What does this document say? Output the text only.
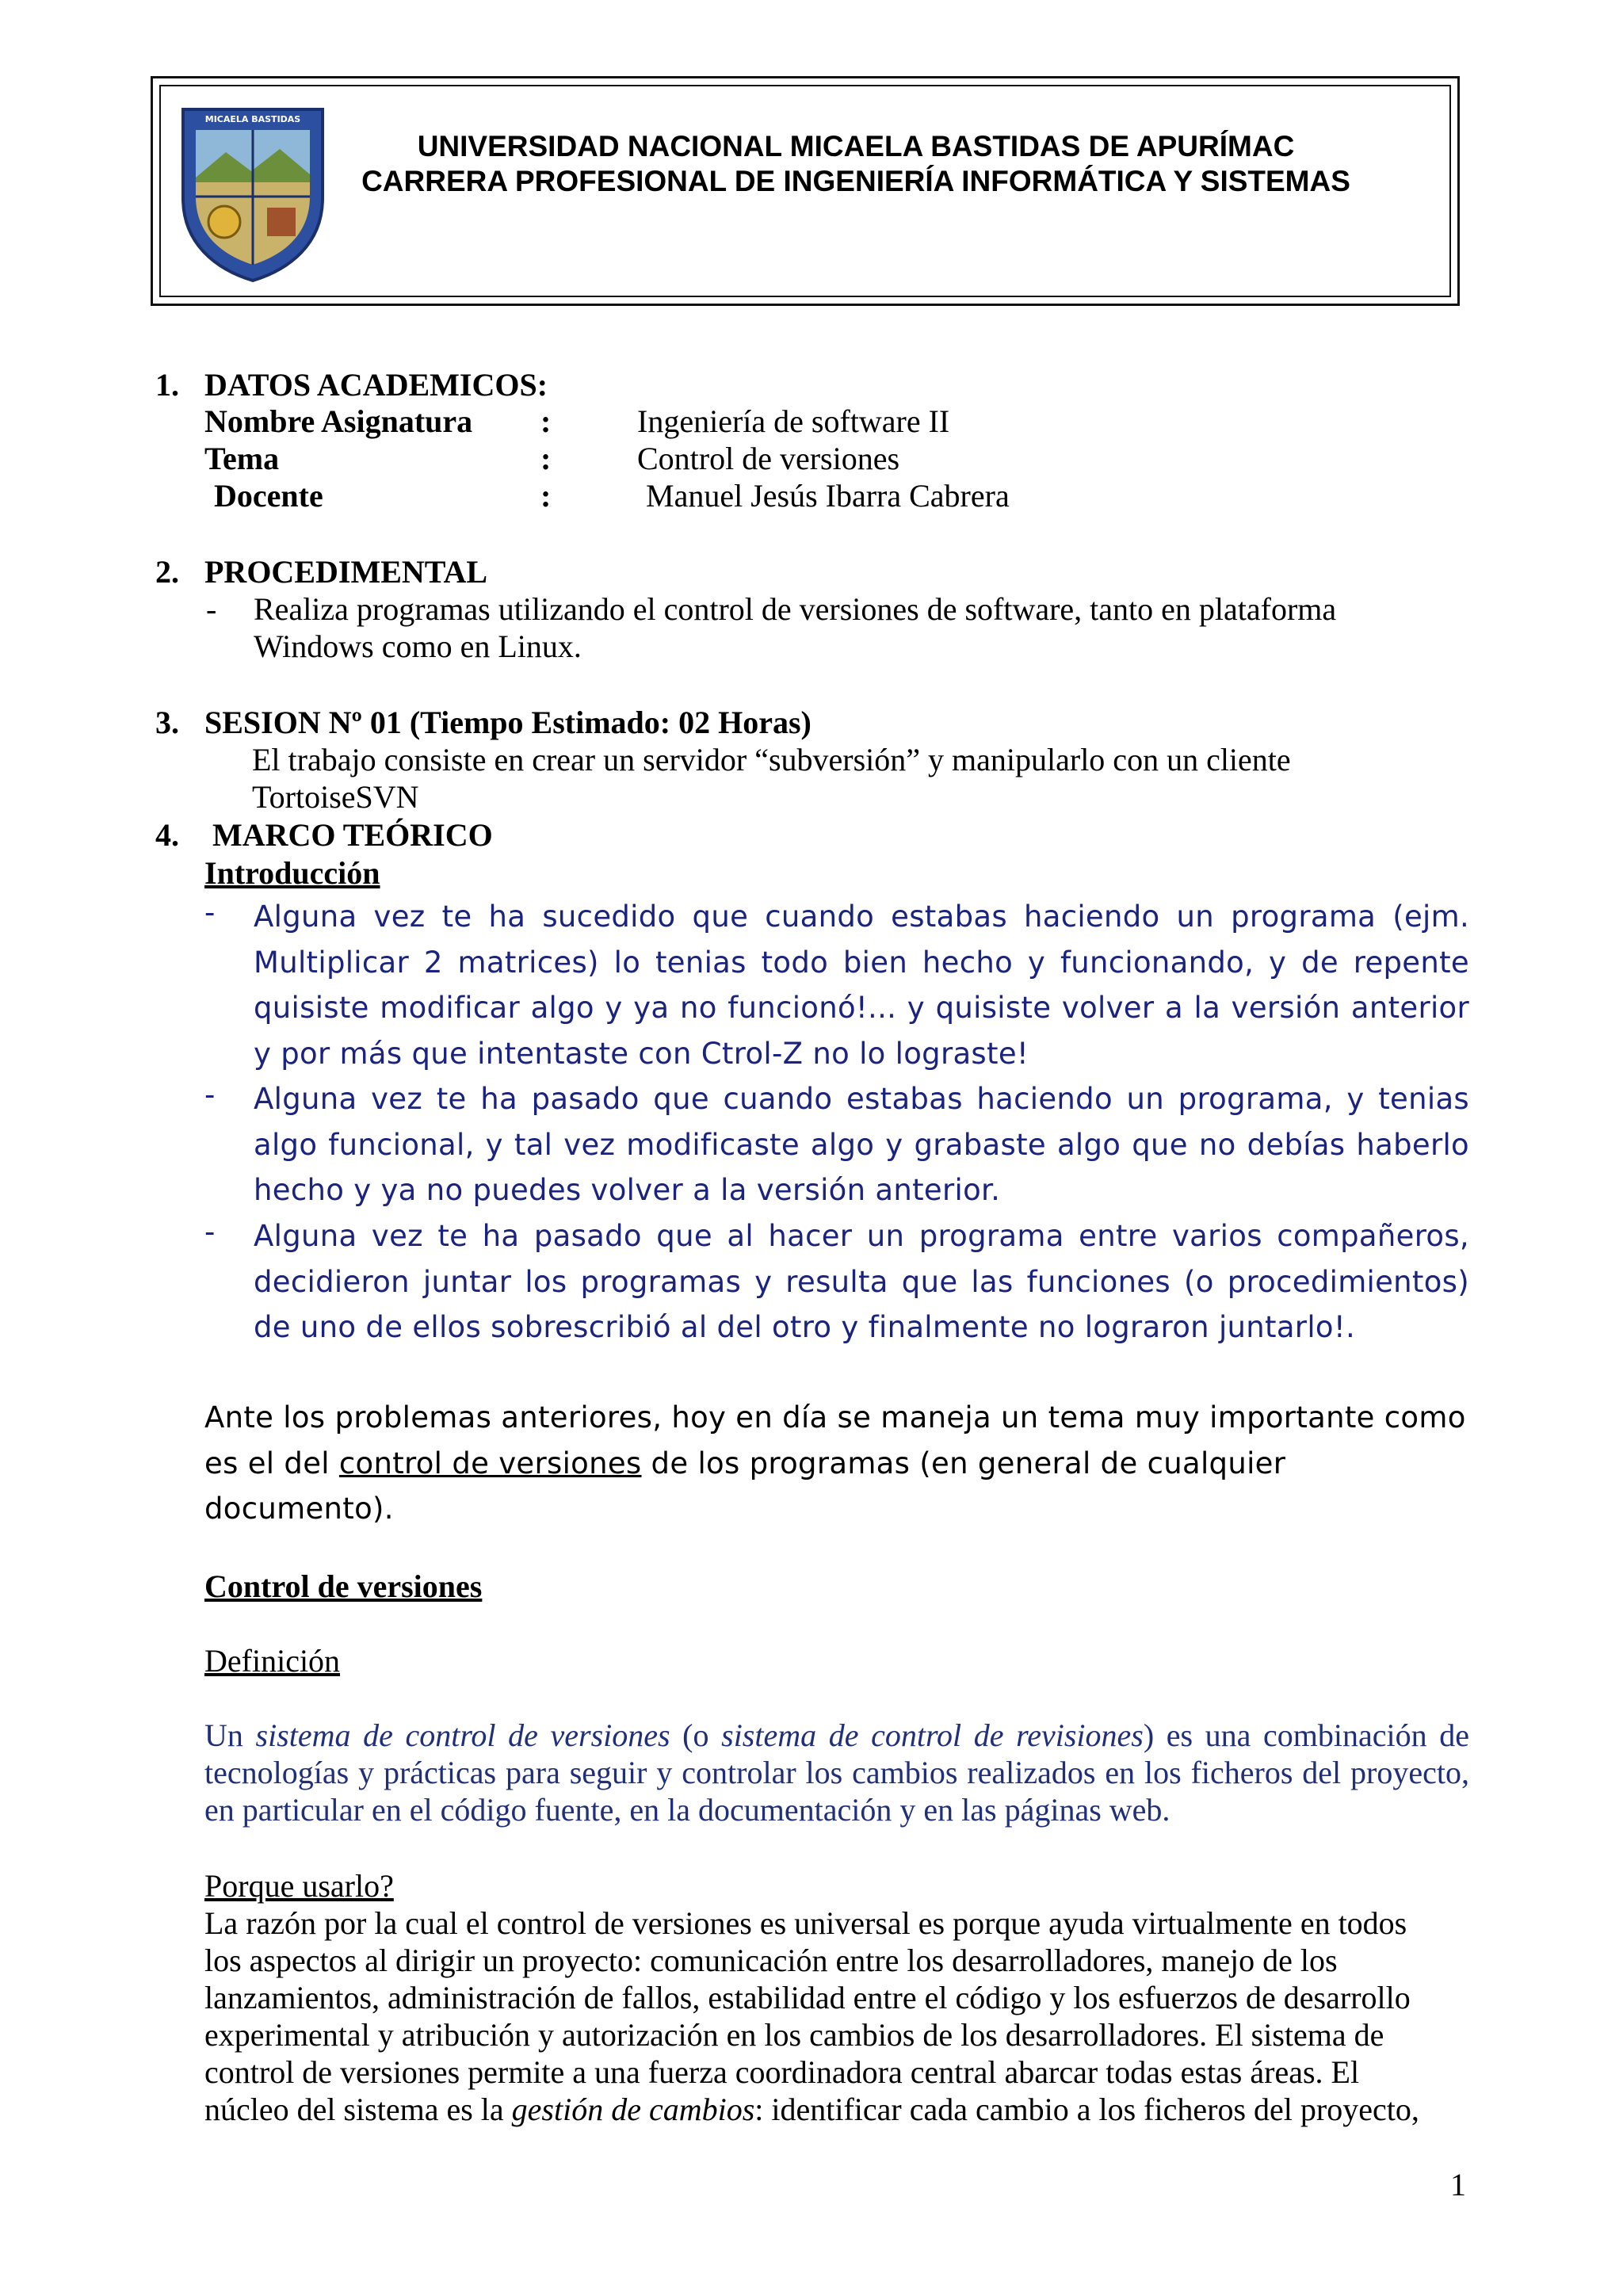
MICAELA BASTIDAS
UNIVERSIDAD NACIONAL MICAELA BASTIDAS DE APURÍMAC
CARRERA PROFESIONAL DE INGENIERÍA INFORMÁTICA Y SISTEMAS
1. DATOS ACADEMICOS:
Nombre Asignatura :	Ingeniería de software II
Tema	:	Control de versiones
Docente	:	Manuel Jesús Ibarra Cabrera
2. PROCEDIMENTAL
- Realiza programas utilizando el control de versiones de software, tanto en plataforma
Windows como en Linux.
3. SESION Nº 01 (Tiempo Estimado: 02 Horas)
El trabajo consiste en crear un servidor “subversión” y manipularlo con un cliente
TortoiseSVN
4. MARCO TEÓRICO
Introducción
- Alguna vez te ha sucedido que cuando estabas haciendo un programa (ejm. Multiplicar 2 matrices) lo tenias todo bien hecho y funcionando, y de repente quisiste modificar algo y ya no funcionó!... y quisiste volver a la versión anterior y por más que intentaste con Ctrol-Z no lo lograste!
- Alguna vez te ha pasado que cuando estabas haciendo un programa, y tenias algo funcional, y tal vez modificaste algo y grabaste algo que no debías haberlo hecho y ya no puedes volver a la versión anterior.
- Alguna vez te ha pasado que al hacer un programa entre varios compañeros, decidieron juntar los programas y resulta que las funciones (o procedimientos) de uno de ellos sobrescribió al del otro y finalmente no lograron juntarlo!.
Ante los problemas anteriores, hoy en día se maneja un tema muy importante como es el del control de versiones de los programas (en general de cualquier documento).
Control de versiones
Definición
Un sistema de control de versiones (o sistema de control de revisiones) es una combinación de tecnologías y prácticas para seguir y controlar los cambios realizados en los ficheros del proyecto, en particular en el código fuente, en la documentación y en las páginas web.
Porque usarlo?
La razón por la cual el control de versiones es universal es porque ayuda virtualmente en todos
los aspectos al dirigir un proyecto: comunicación entre los desarrolladores, manejo de los
lanzamientos, administración de fallos, estabilidad entre el código y los esfuerzos de desarrollo
experimental y atribución y autorización en los cambios de los desarrolladores. El sistema de
control de versiones permite a una fuerza coordinadora central abarcar todas estas áreas. El
núcleo del sistema es la gestión de cambios: identificar cada cambio a los ficheros del proyecto,
1
